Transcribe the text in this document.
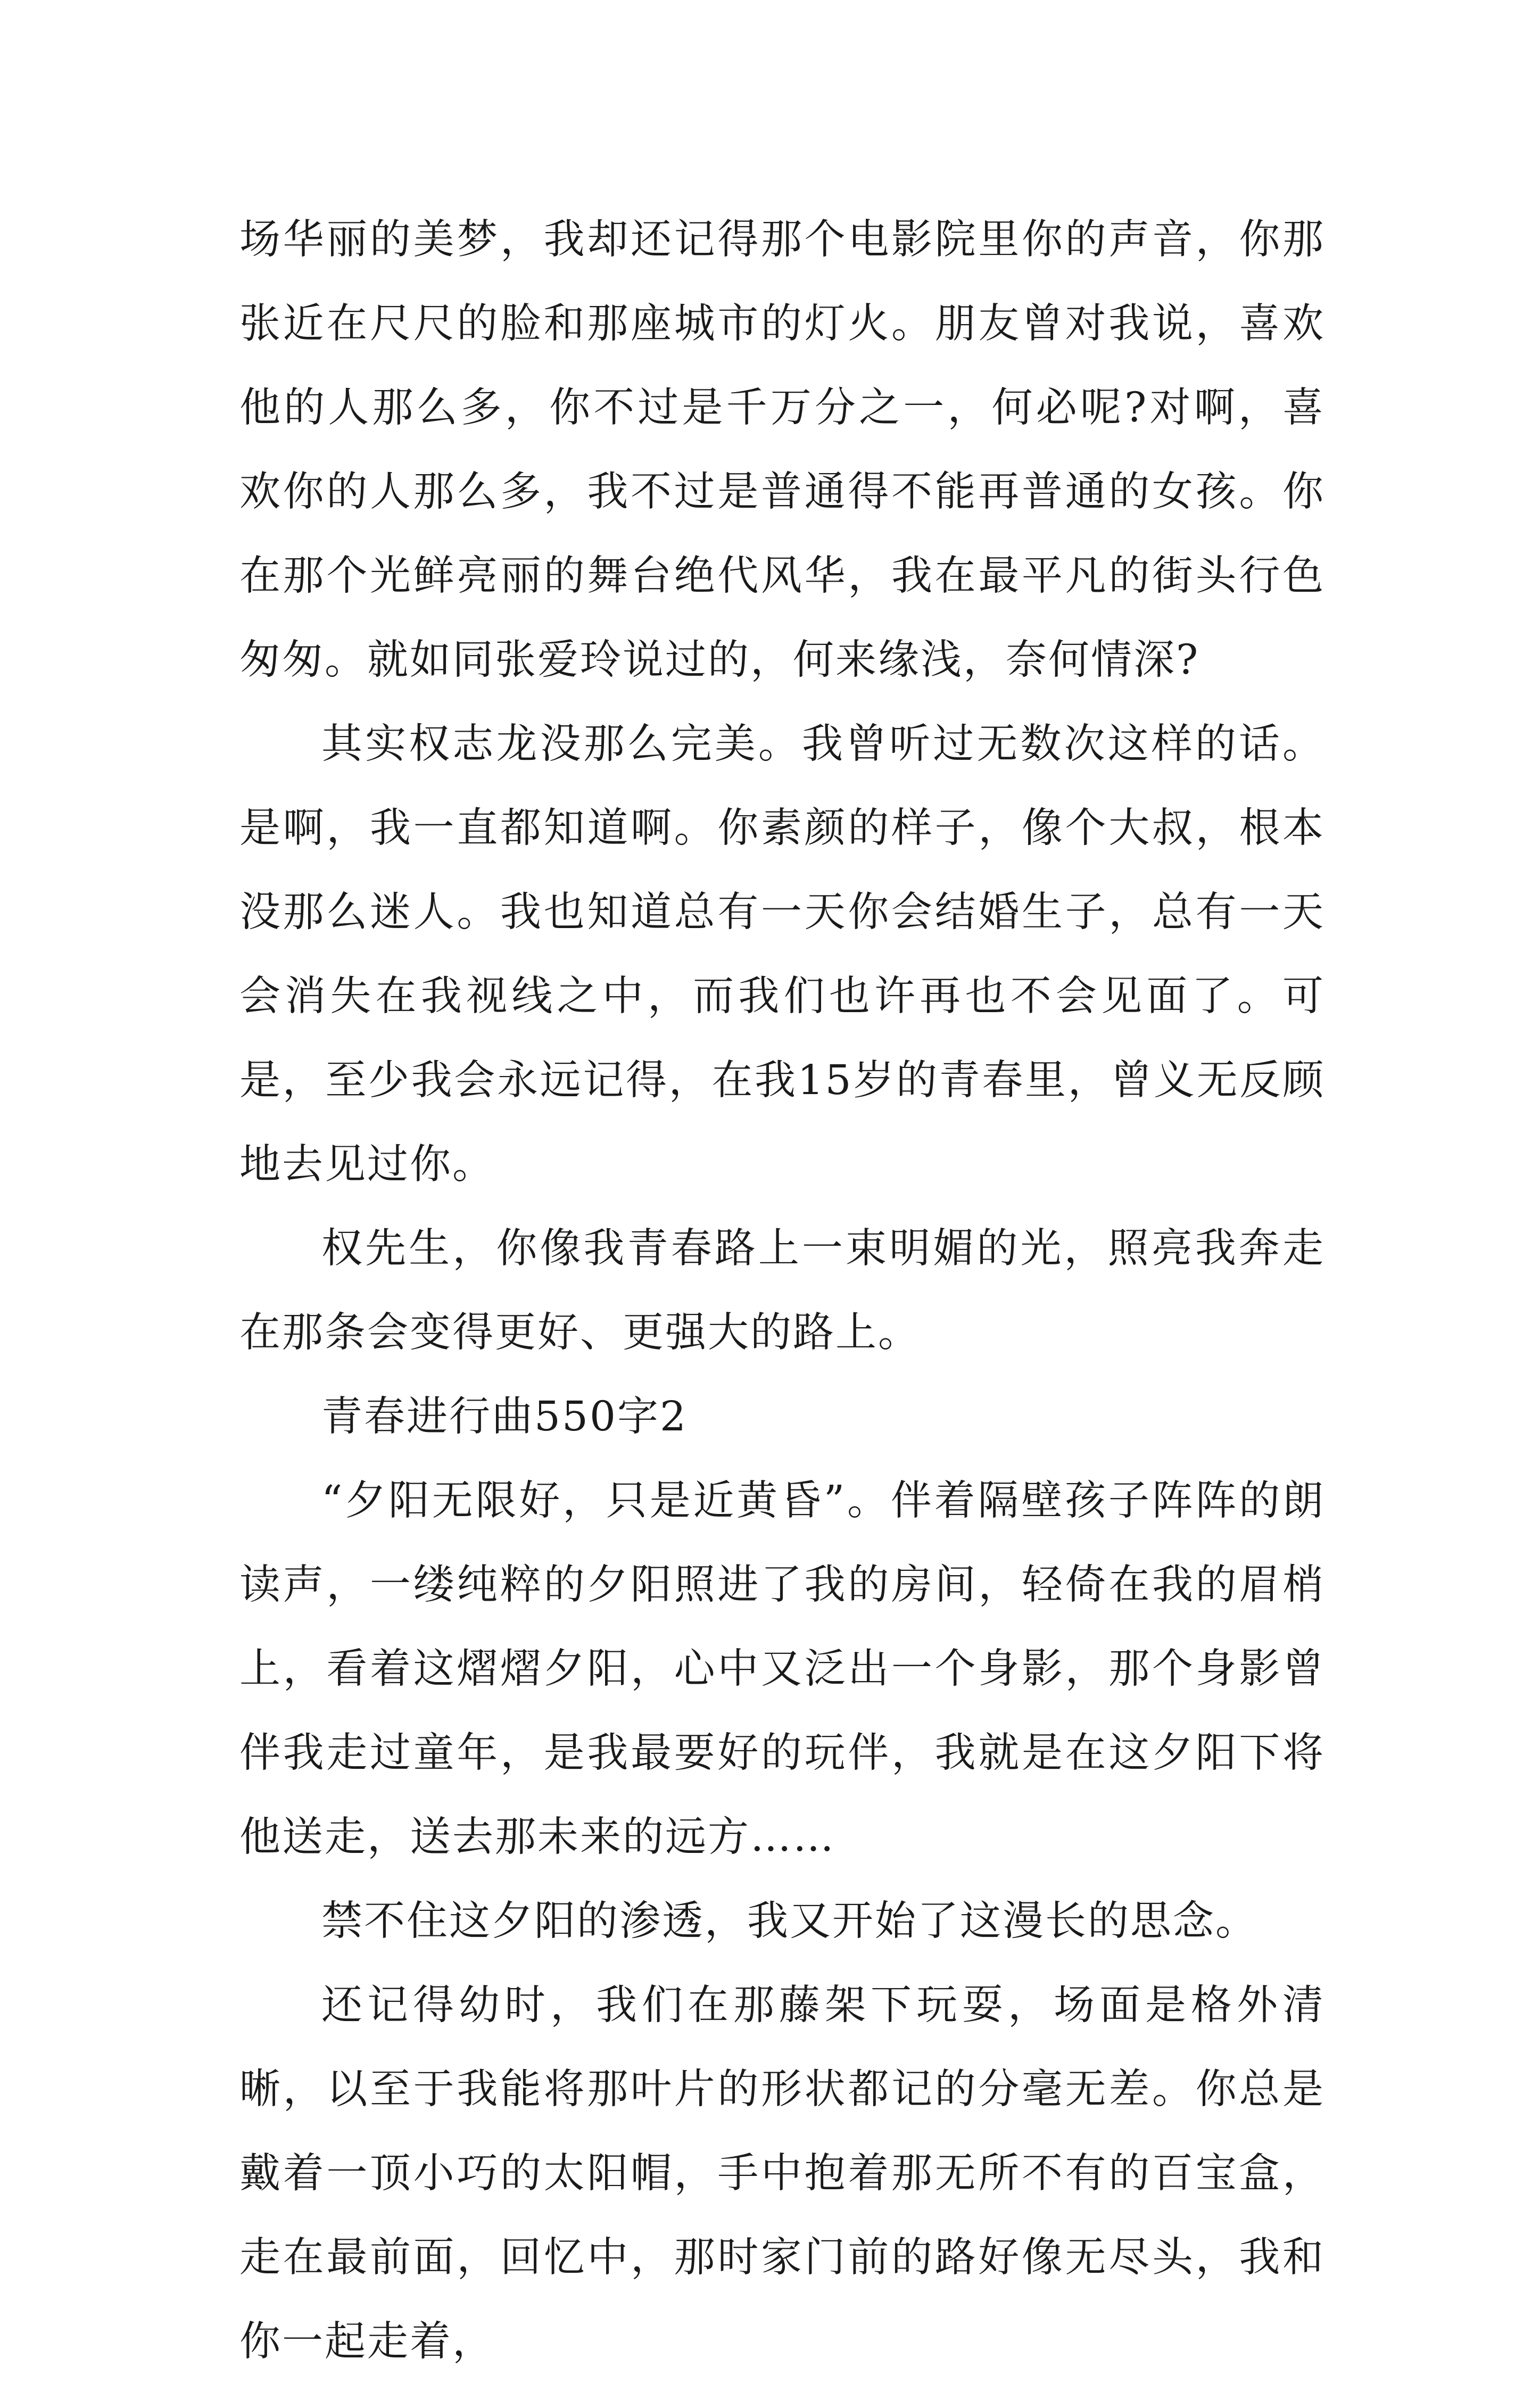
场华丽的美梦，我却还记得那个电影院里你的声音，你那张近在尺尺的脸和那座城市的灯火。朋友曾对我说，喜欢他的人那么多，你不过是千万分之一，何必呢?对啊，喜欢你的人那么多，我不过是普通得不能再普通的女孩。你在那个光鲜亮丽的舞台绝代风华，我在最平凡的街头行色匆匆。就如同张爱玲说过的，何来缘浅，奈何情深?

其实权志龙没那么完美。我曾听过无数次这样的话。是啊，我一直都知道啊。你素颜的样子，像个大叔，根本没那么迷人。我也知道总有一天你会结婚生子，总有一天会消失在我视线之中，而我们也许再也不会见面了。可是，至少我会永远记得，在我15岁的青春里，曾义无反顾地去见过你。

权先生，你像我青春路上一束明媚的光，照亮我奔走在那条会变得更好、更强大的路上。

青春进行曲550字2

“夕阳无限好，只是近黄昏”。伴着隔壁孩子阵阵的朗读声，一缕纯粹的夕阳照进了我的房间，轻倚在我的眉梢上，看着这熠熠夕阳，心中又泛出一个身影，那个身影曾伴我走过童年，是我最要好的玩伴，我就是在这夕阳下将他送走，送去那未来的远方……

禁不住这夕阳的渗透，我又开始了这漫长的思念。

还记得幼时，我们在那藤架下玩耍，场面是格外清晰，以至于我能将那叶片的形状都记的分毫无差。你总是戴着一顶小巧的太阳帽，手中抱着那无所不有的百宝盒，走在最前面，回忆中，那时家门前的路好像无尽头，我和你一起走着，
